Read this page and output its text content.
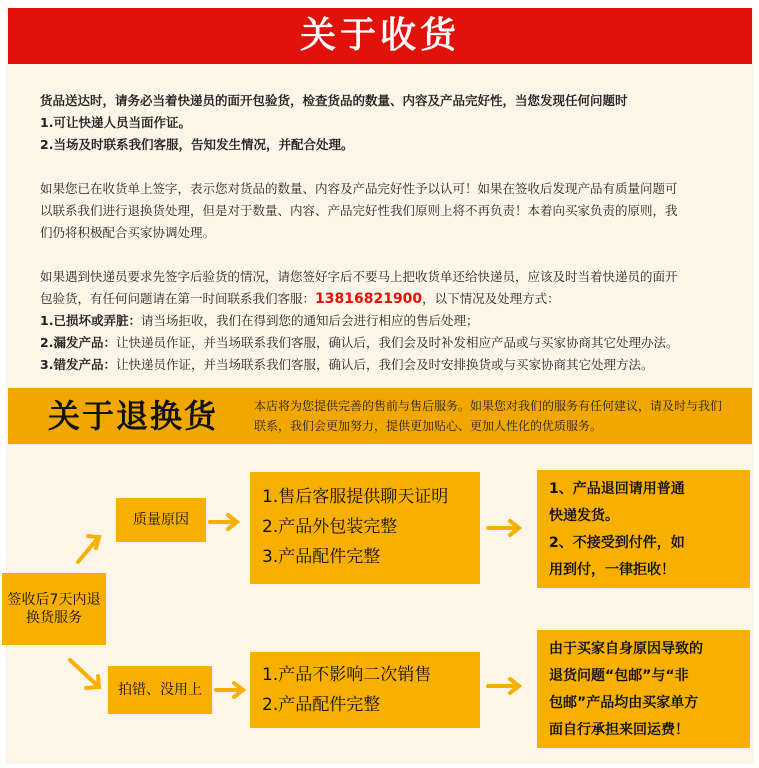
关于收货

货品送达时，请务必当着快递员的面开包验货，检查货品的数量、内容及产品完好性，当您发现任何问题时

1.可让快递人员当面作证。

2.当场及时联系我们客服，告知发生情况，并配合处理。

如果您已在收货单上签字，表示您对货品的数量、内容及产品完好性予以认可！如果在签收后发现产品有质量问题可

以联系我们进行退换货处理，但是对于数量、内容、产品完好性我们原则上将不再负责！本着向买家负责的原则，我

们仍将积极配合买家协调处理。

如果遇到快递员要求先签字后验货的情况，请您签好字后不要马上把收货单还给快递员，应该及时当着快递员的面开

包验货，有任何问题请在第一时间联系我们客服：13816821900，以下情况及处理方式：

1.已损坏或弄脏：请当场拒收，我们在得到您的通知后会进行相应的售后处理；

2.漏发产品：让快递员作证，并当场联系我们客服，确认后，我们会及时补发相应产品或与买家协商其它处理办法。

3.错发产品：让快递员作证，并当场联系我们客服，确认后，我们会及时安排换货或与买家协商其它处理方法。

关于退换货	本店将为您提供完善的售前与售后服务。如果您对我们的服务有任何建议，请及时与我们联系，我们会更加努力，提供更加贴心、更加人性化的优质服务。
签收后7天内退换货服务
质量原因
拍错、没用上
1.售后客服提供聊天证明
2.产品外包装完整
3.产品配件完整
1、产品退回请用普通
快递发货。
2、不接受到付件，如
用到付，一律拒收！
1.产品不影响二次销售
2.产品配件完整
由于买家自身原因导致的
退货问题“包邮”与“非
包邮”产品均由买家单方
面自行承担来回运费！
